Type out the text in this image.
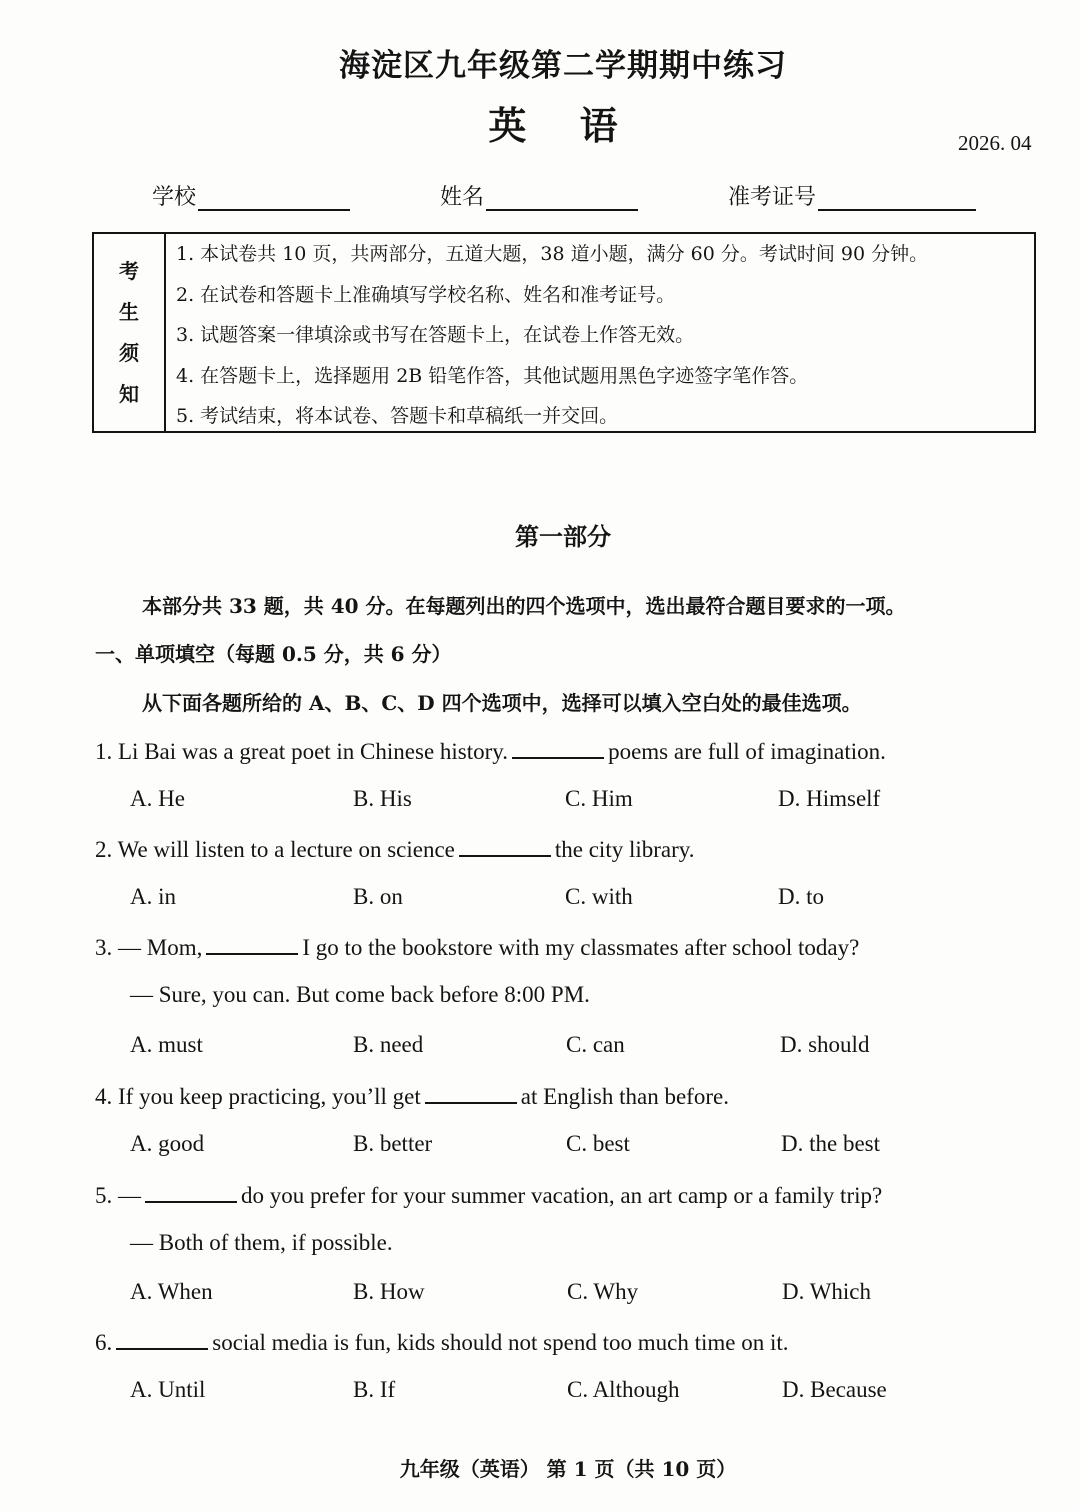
海淀区九年级第二学期期中练习
英 语	2026. 04
学校	姓名	准考证号
考
生
须
知
1. 本试卷共 10 页，共两部分，五道大题，38 道小题，满分 60 分。考试时间 90 分钟。
2. 在试卷和答题卡上准确填写学校名称、姓名和准考证号。
3. 试题答案一律填涂或书写在答题卡上，在试卷上作答无效。
4. 在答题卡上，选择题用 2B 铅笔作答，其他试题用黑色字迹签字笔作答。
5. 考试结束，将本试卷、答题卡和草稿纸一并交回。
第一部分
本部分共 33 题，共 40 分。在每题列出的四个选项中，选出最符合题目要求的一项。
一、单项填空（每题 0.5 分，共 6 分）
从下面各题所给的 A、B、C、D 四个选项中，选择可以填入空白处的最佳选项。
1. Li Bai was a great poet in Chinese history.	poems are full of imagination.
A. He	B. His	C. Him	D. Himself
2. We will listen to a lecture on science	the city library.
A. in	B. on	C. with	D. to
3. — Mom,	I go to the bookstore with my classmates after school today?
— Sure, you can. But come back before 8:00 PM.
A. must	B. need	C. can	D. should
4. If you keep practicing, you’ll get	at English than before.
A. good	B. better	C. best	D. the best
5. —	do you prefer for your summer vacation, an art camp or a family trip?
— Both of them, if possible.
A. When	B. How	C. Why	D. Which
6.	social media is fun, kids should not spend too much time on it.
A. Until	B. If	C. Although	D. Because
九年级（英语） 第 1 页（共 10 页）
